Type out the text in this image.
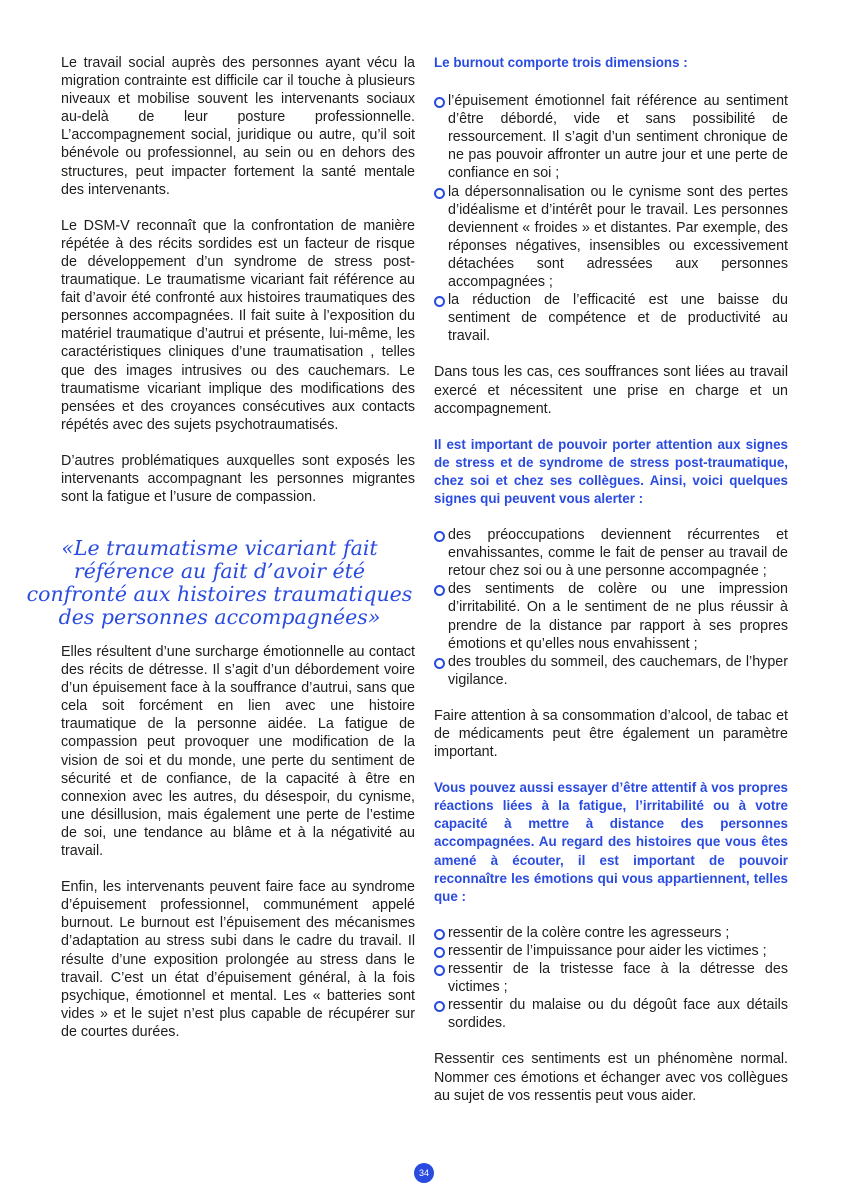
Le travail social auprès des personnes ayant vécu la migration contrainte est difficile car il touche à plusieurs niveaux et mobilise souvent les intervenants sociaux au-delà de leur posture professionnelle. L’accompagnement social, juridique ou autre, qu’il soit bénévole ou professionnel, au sein ou en dehors des structures, peut impacter fortement la santé mentale des intervenants.

Le DSM-V reconnaît que la confrontation de manière répétée à des récits sordides est un facteur de risque de développement d’un syndrome de stress post-traumatique. Le traumatisme vicariant fait référence au fait d’avoir été confronté aux histoires traumatiques des personnes accompagnées. Il fait suite à l’exposition du matériel traumatique d’autrui et présente, lui-même, les caractéristiques cliniques d’une traumatisation , telles que des images intrusives ou des cauchemars. Le traumatisme vicariant implique des modifications des pensées et des croyances consécutives aux contacts répétés avec des sujets psychotraumatisés.

D’autres problématiques auxquelles sont exposés les intervenants accompagnant les personnes migrantes sont la fatigue et l’usure de compassion.

«Le traumatisme vicariant fait référence au fait d’avoir été confronté aux histoires traumatiques des personnes accompagnées»

Elles résultent d’une surcharge émotionnelle au contact des récits de détresse. Il s’agit d’un débordement voire d’un épuisement face à la souffrance d’autrui, sans que cela soit forcément en lien avec une histoire traumatique de la personne aidée. La fatigue de compassion peut provoquer une modification de la vision de soi et du monde, une perte du sentiment de sécurité et de confiance, de la capacité à être en connexion avec les autres, du désespoir, du cynisme, une désillusion, mais également une perte de l’estime de soi, une tendance au blâme et à la négativité au travail.

Enfin, les intervenants peuvent faire face au syndrome d’épuisement professionnel, communément appelé burnout. Le burnout est l’épuisement des mécanismes d’adaptation au stress subi dans le cadre du travail. Il résulte d’une exposition prolongée au stress dans le travail. C’est un état d’épuisement général, à la fois psychique, émotionnel et mental. Les « batteries sont vides » et le sujet n’est plus capable de récupérer sur de courtes durées.

Le burnout comporte trois dimensions :

l’épuisement émotionnel fait référence au sentiment d’être débordé, vide et sans possibilité de ressourcement. Il s’agit d’un sentiment chronique de ne pas pouvoir affronter un autre jour et une perte de confiance en soi ;
la dépersonnalisation ou le cynisme sont des pertes d’idéalisme et d’intérêt pour le travail. Les personnes deviennent « froides » et distantes. Par exemple, des réponses négatives, insensibles ou excessivement détachées sont adressées aux personnes accompagnées ;
la réduction de l’efficacité est une baisse du sentiment de compétence et de productivité au travail.

Dans tous les cas, ces souffrances sont liées au travail exercé et nécessitent une prise en charge et un accompagnement.

Il est important de pouvoir porter attention aux signes de stress et de syndrome de stress post-traumatique, chez soi et chez ses collègues. Ainsi, voici quelques signes qui peuvent vous alerter :

des préoccupations deviennent récurrentes et envahissantes, comme le fait de penser au travail de retour chez soi ou à une personne accompagnée ;
des sentiments de colère ou une impression d’irritabilité. On a le sentiment de ne plus réussir à prendre de la distance par rapport à ses propres émotions et qu’elles nous envahissent ;
des troubles du sommeil, des cauchemars, de l’hyper vigilance.

Faire attention à sa consommation d’alcool, de tabac et de médicaments peut être également un paramètre important.

Vous pouvez aussi essayer d’être attentif à vos propres réactions liées à la fatigue, l’irritabilité ou à votre capacité à mettre à distance des personnes accompagnées. Au regard des histoires que vous êtes amené à écouter, il est important de pouvoir reconnaître les émotions qui vous appartiennent, telles que :

ressentir de la colère contre les agresseurs ;
ressentir de l’impuissance pour aider les victimes ;
ressentir de la tristesse face à la détresse des victimes ;
ressentir du malaise ou du dégoût face aux détails sordides.

Ressentir ces sentiments est un phénomène normal. Nommer ces émotions et échanger avec vos collègues au sujet de vos ressentis peut vous aider.

34
